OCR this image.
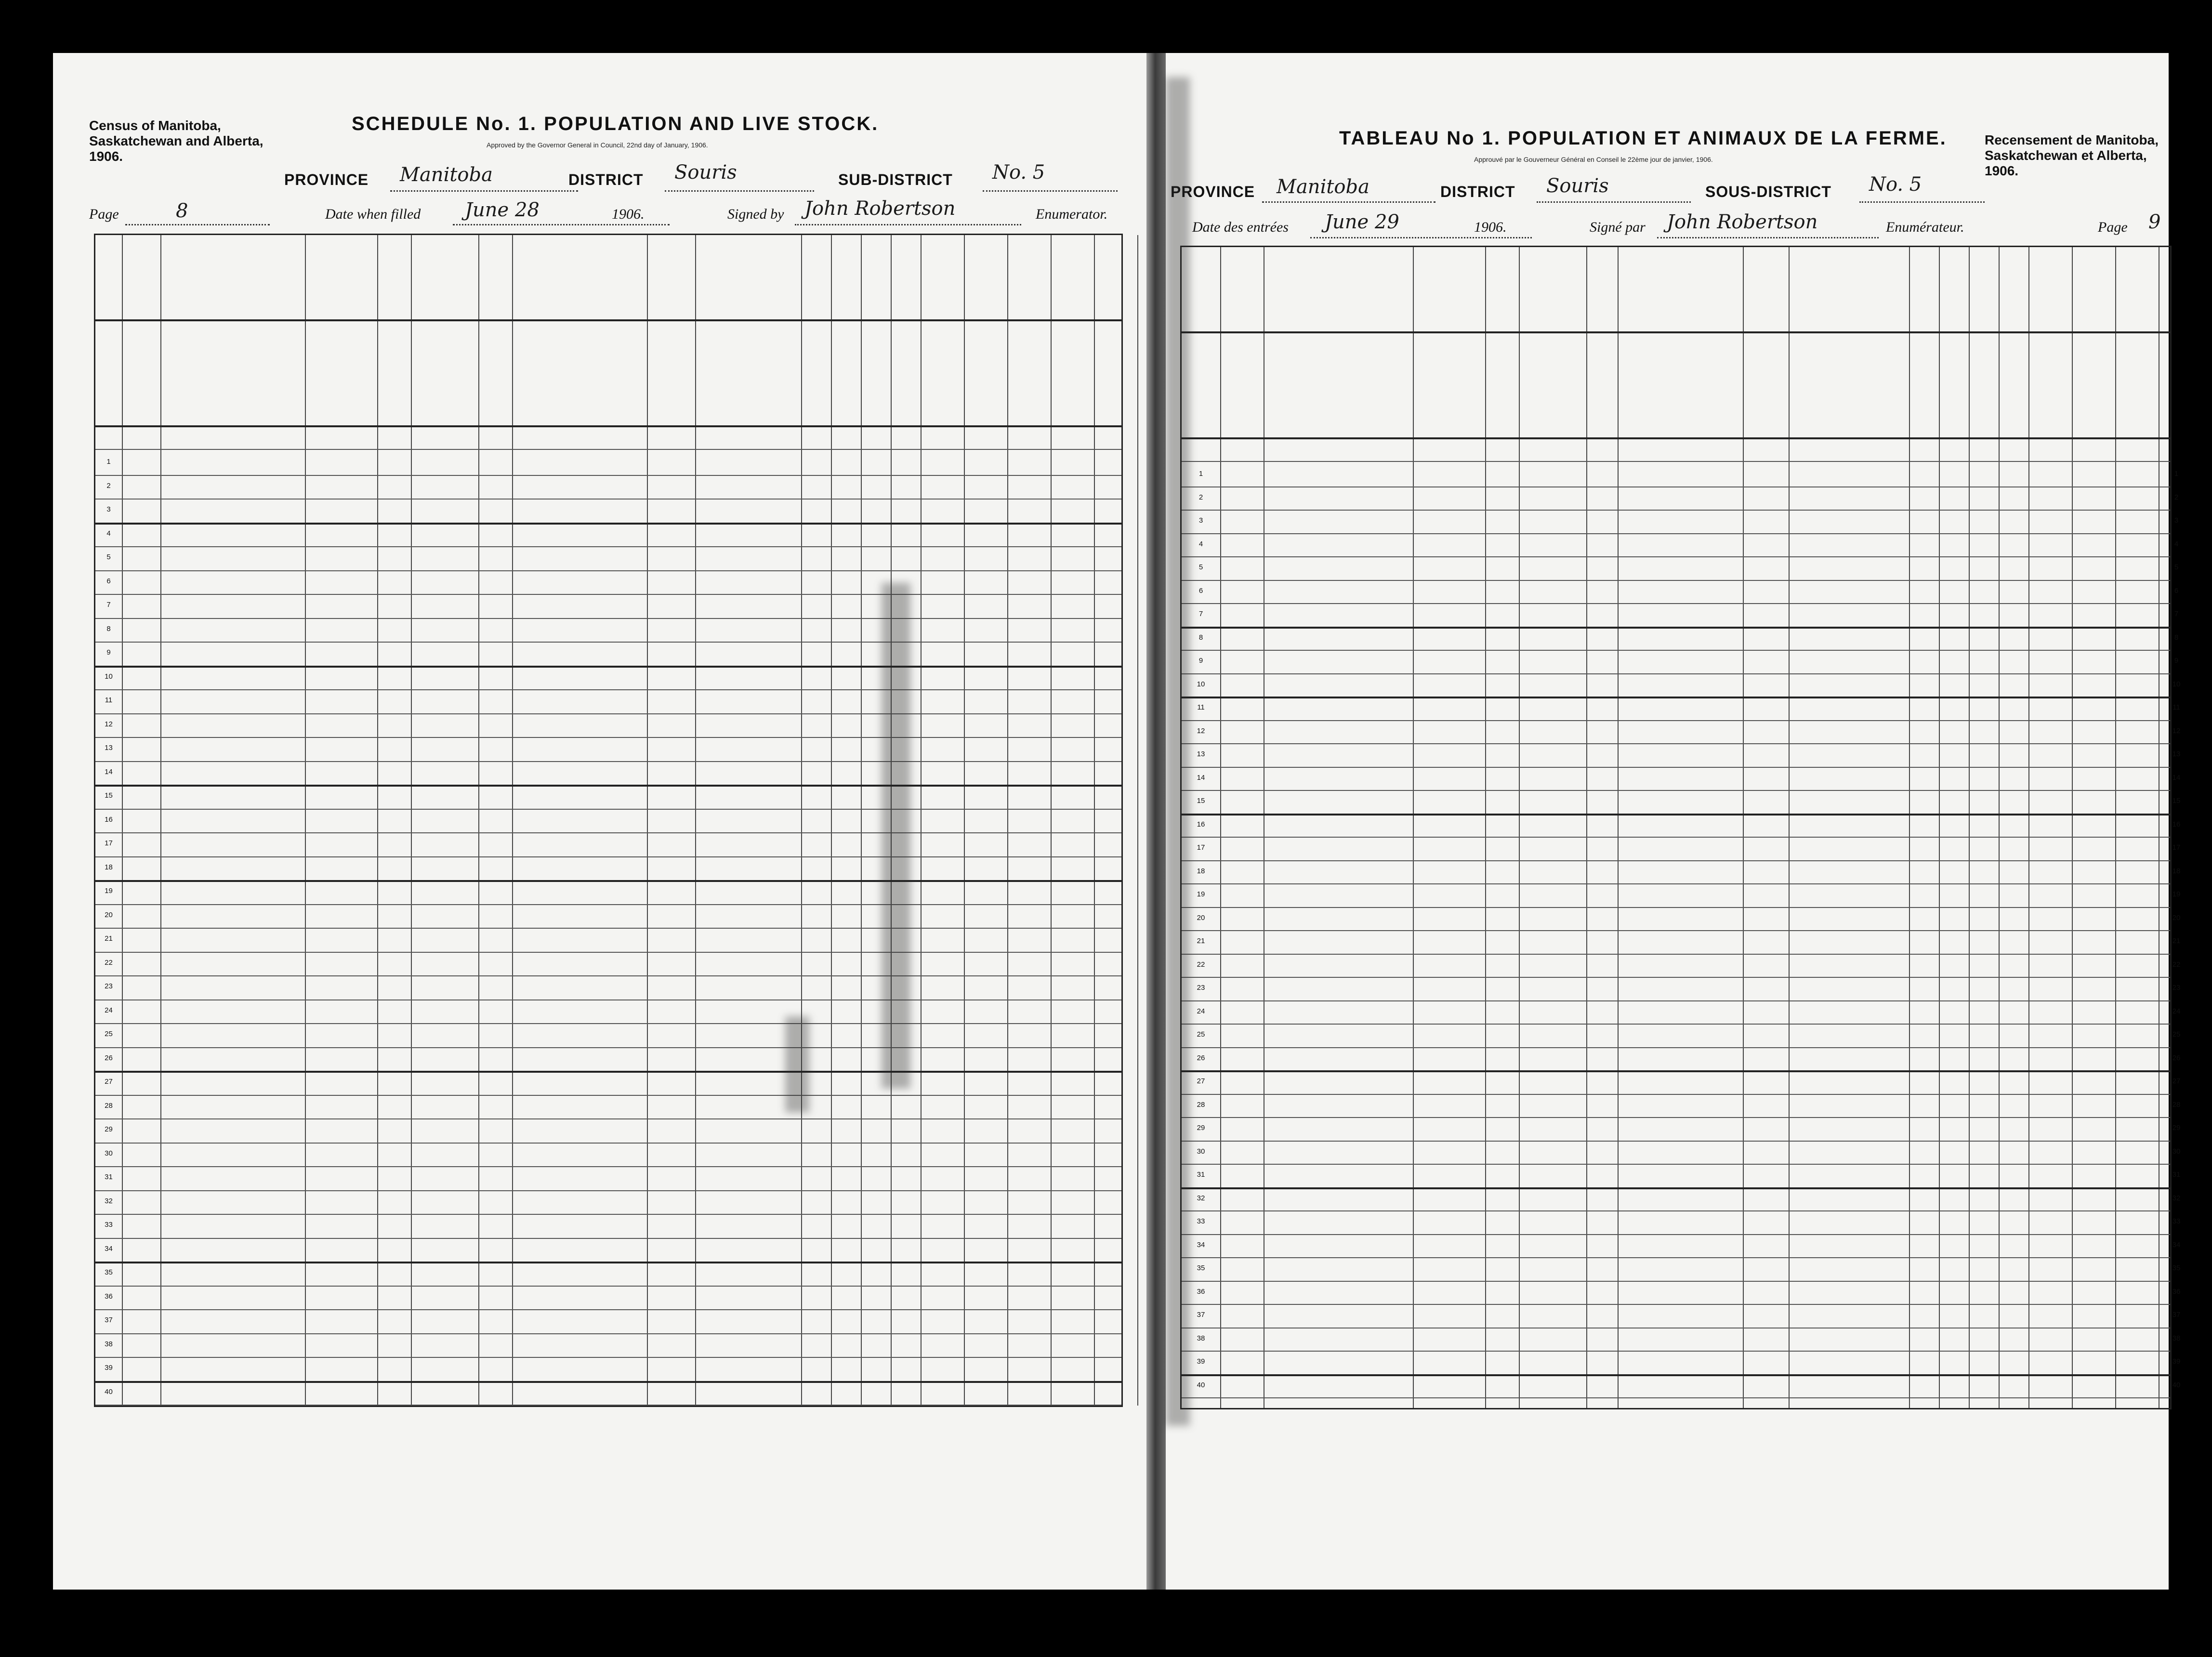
Census of Manitoba, Saskatchewan and Alberta, 1906.
SCHEDULE No. 1. POPULATION AND LIVE STOCK.
Approved by the Governor General in Council, 22nd day of January, 1906.
PROVINCE Manitoba	DISTRICT Souris	SUB-DISTRICT No. 5
Page	8	Date when filled June 28	1906.	Signed by John Robertson	Enumerator.
1
2
3
4
5
6
7
8
9
10
11
12
13
14
15
16
17
18
19
20
21
22
23
24
25
26
27
28
29
30
31
32
33
34
35
36
37
38
39
40
TABLEAU No 1. POPULATION ET ANIMAUX DE LA FERME.
Approuvé par le Gouverneur Général en Conseil le 22ème jour de janvier, 1906.
Recensement de Manitoba, Saskatchewan et Alberta, 1906.
PROVINCE Manitoba	DISTRICT Souris	SOUS-DISTRICT No. 5
Date des entrées June 29	1906.	Signé par John Robertson	Enumérateur.	Page 9
1	1
2	2
3	3
4	4
5	5
6	6
7	7
8	8
9	9
10	10
11	11
12	12
13	13
14	14
15	15
16	16
17	17
18	18
19	19
20	20
21	21
22	22
23	23
24	24
25	25
26	26
27	27
28	28
29	29
30	30
31	31
32	32
33	33
34	34
35	35
36	36
37	37
38	38
39	39
40	40
